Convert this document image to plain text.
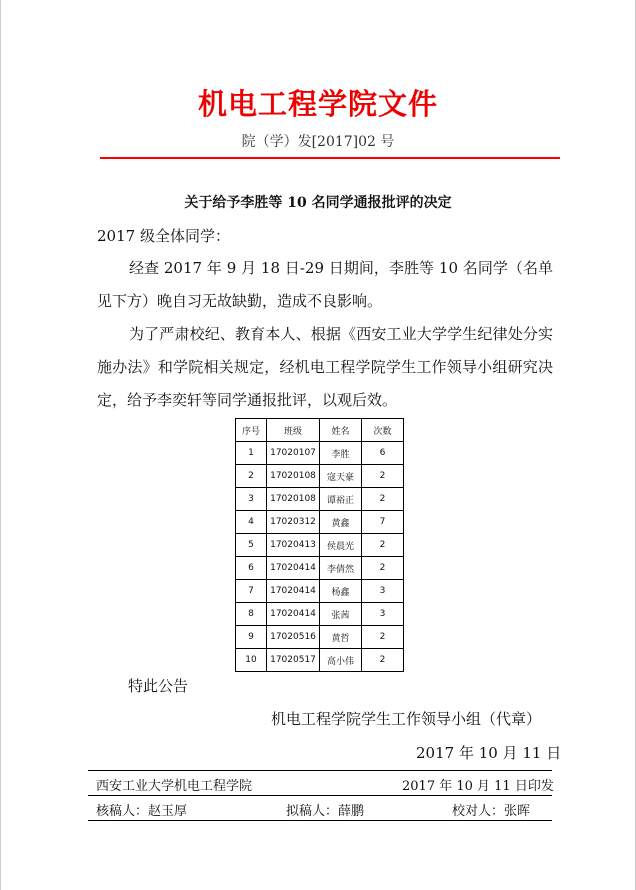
机电工程学院文件
院（学）发[2017]02 号
关于给予李胜等 10 名同学通报批评的决定
2017 级全体同学：
经查 2017 年 9 月 18 日-29 日期间，李胜等 10 名同学（名单见下方）晚自习无故缺勤，造成不良影响。
为了严肃校纪、教育本人、根据《西安工业大学学生纪律处分实施办法》和学院相关规定，经机电工程学院学生工作领导小组研究决定，给予李奕轩等同学通报批评，以观后效。
序号	班级	姓名	次数
1	17020107	李胜	6
2	17020108	寇天豪	2
3	17020108	谭裕正	2
4	17020312	黄鑫	7
5	17020413	侯晨光	2
6	17020414	李倩然	2
7	17020414	杨鑫	3
8	17020414	张茜	3
9	17020516	黄哲	2
10	17020517	高小伟	2
特此公告
机电工程学院学生工作领导小组（代章）
2017 年 10 月 11 日
西安工业大学机电工程学院	2017 年 10 月 11 日印发
核稿人：赵玉厚	拟稿人：薛鹏	校对人：张晖
